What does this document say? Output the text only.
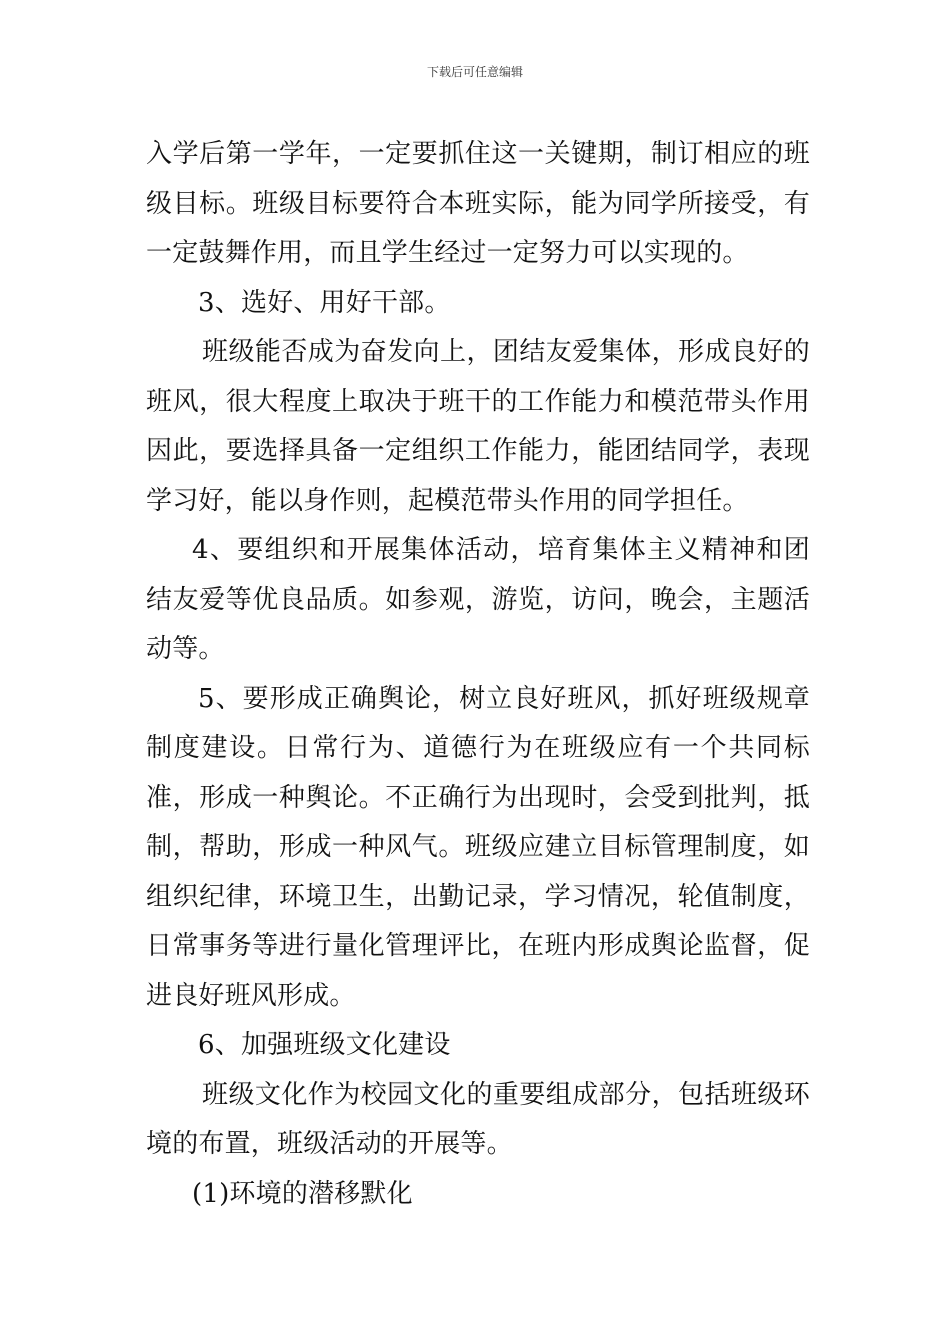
下载后可任意编辑

入学后第一学年，一定要抓住这一关键期，制订相应的班级目标。班级目标要符合本班实际，能为同学所接受，有一定鼓舞作用，而且学生经过一定努力可以实现的。

3、选好、用好干部。

班级能否成为奋发向上，团结友爱集体，形成良好的班风，很大程度上取决于班干的工作能力和模范带头作用因此，要选择具备一定组织工作能力，能团结同学，表现学习好，能以身作则，起模范带头作用的同学担任。

4、要组织和开展集体活动，培育集体主义精神和团结友爱等优良品质。如参观，游览，访问，晚会，主题活动等。

5、要形成正确舆论，树立良好班风，抓好班级规章制度建设。日常行为、道德行为在班级应有一个共同标准，形成一种舆论。不正确行为出现时，会受到批判，抵制，帮助，形成一种风气。班级应建立目标管理制度，如组织纪律，环境卫生，出勤记录，学习情况，轮值制度，日常事务等进行量化管理评比，在班内形成舆论监督，促进良好班风形成。

6、加强班级文化建设

班级文化作为校园文化的重要组成部分，包括班级环境的布置，班级活动的开展等。

(1)环境的潜移默化
